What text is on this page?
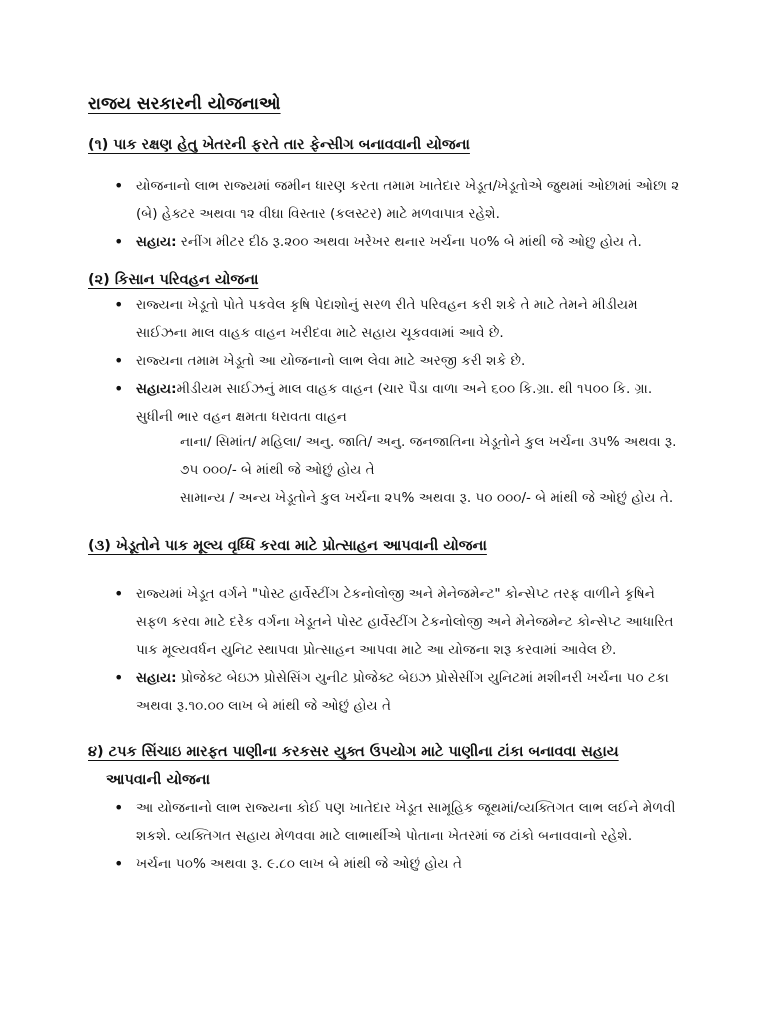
રાજય સરકારની યોજનાઓ
(૧) પાક રક્ષણ હેતુ ખેતરની ફરતે તાર ફેન્સીગ બનાવવાની યોજના
• યોજનાનો લાભ રાજ્યમાં જમીન ધારણ કરતા તમામ ખાતેદાર ખેડૂત/ખેડૂતોએ જુથમાં ઓછામાં ઓછા ૨ (બે) હેક્ટર અથવા ૧૨ વીઘા વિસ્તાર (કલસ્ટર) માટે મળવાપાત્ર રહેશે.
• સહાય: રનીંગ મીટર દીઠ રૂ.૨૦૦ અથવા ખરેખર થનાર ખર્ચના ૫૦% બે માંથી જે ઓછુ હોય તે.
(૨) કિસાન પરિવહન યોજના
• રાજ્યના ખેડૂતો પોતે પકવેલ કૃષિ પેદાશોનું સરળ રીતે પરિવહન કરી શકે તે માટે તેમને મીડીયમ સાઈઝના માલ વાહક વાહન ખરીદવા માટે સહાય ચૂકવવામાં આવે છે.
• રાજ્યના તમામ ખેડૂતો આ યોજનાનો લાભ લેવા માટે અરજી કરી શકે છે.
• સહાય:મીડીયમ સાઈઝનું માલ વાહક વાહન (ચાર પૈડા વાળા અને ૬૦૦ કિ.ગ્રા. થી ૧૫૦૦ કિ. ગ્રા. સુધીની ભાર વહન ક્ષમતા ધરાવતા વાહન

નાના/ સિમાંત/ મહિલા/ અનુ. જાતિ/ અનુ. જનજાતિના ખેડૂતોને કુલ ખર્ચના ૩૫% અથવા રૂ. ૭૫ ૦૦૦/- બે માંથી જે ઓછું હોય તે

સામાન્ય / અન્ય ખેડૂતોને કુલ ખર્ચના ૨૫% અથવા રૂ. ૫૦ ૦૦૦/- બે માંથી જે ઓછું હોય તે.

(૩) ખેડૂતોને પાક મૂલ્ય વૃધ્ધિ કરવા માટે પ્રોત્સાહન આપવાની યોજના
• રાજ્યમાં ખેડૂત વર્ગને "પોસ્ટ હાર્વેસ્ટીંગ ટેકનોલોજી અને મેનેજમેન્ટ" કોન્સેપ્ટ તરફ વાળીને કૃષિને સફળ કરવા માટે દરેક વર્ગના ખેડૂતને પોસ્ટ હાર્વેસ્ટીંગ ટેકનોલોજી અને મેનેજમેન્ટ કોન્સેપ્ટ આધારિત પાક મૂલ્યવર્ધન યુનિટ સ્થાપવા પ્રોત્સાહન આપવા માટે આ યોજના શરૂ કરવામાં આવેલ છે.
• સહાય: પ્રોજેક્ટ બેઇઝ પ્રોસેસિંગ યુનીટ પ્રોજેક્ટ બેઇઝ પ્રોસેસીંગ યુનિટમાં મશીનરી ખર્ચના ૫૦ ટકા અથવા રૂ.૧૦.૦૦ લાખ બે માંથી જે ઓછું હોય તે
૪) ટપક સિંચાઇ મારફત પાણીના કરકસર યુક્ત ઉપયોગ માટે પાણીના ટાંકા બનાવવા સહાય
આપવાની યોજના
• આ યોજનાનો લાભ રાજ્યના કોઈ પણ ખાતેદાર ખેડૂત સામૂહિક જૂથમાં/વ્યક્તિગત લાભ લઈને મેળવી શકશે. વ્યક્તિગત સહાય મેળવવા માટે લાભાર્થીએ પોતાના ખેતરમાં જ ટાંકો બનાવવાનો રહેશે.
• ખર્ચના ૫૦% અથવા રૂ. ૯.૮૦ લાખ બે માંથી જે ઓછું હોય તે
